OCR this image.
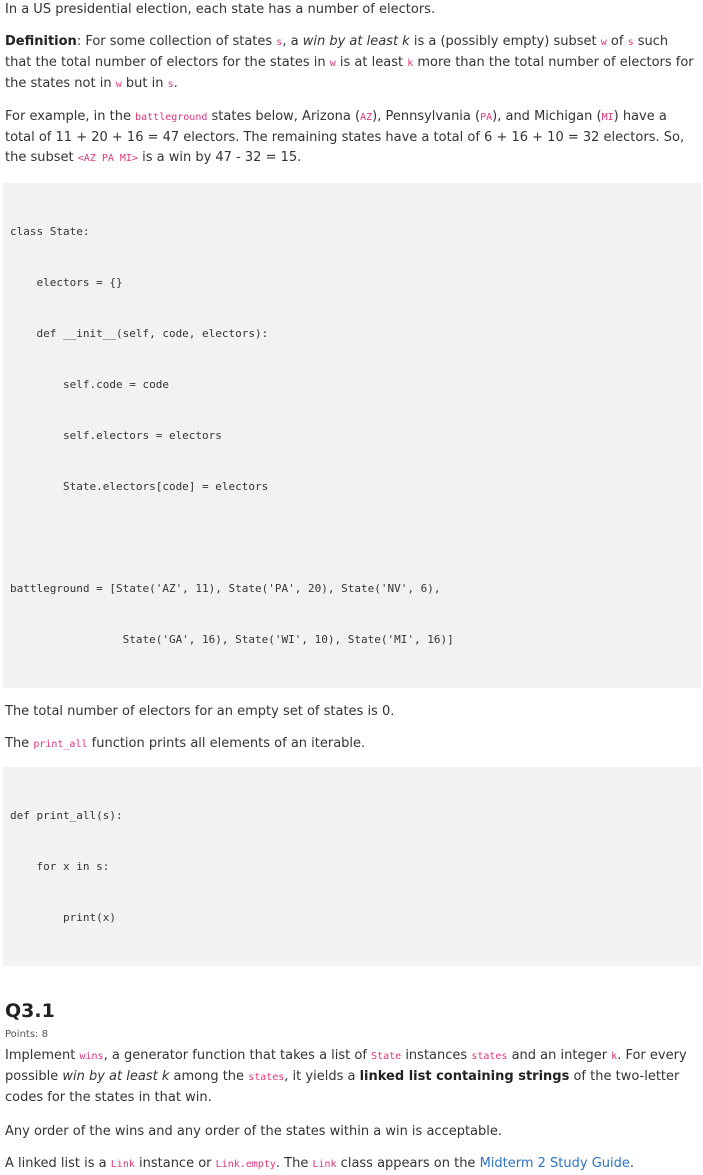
In a US presidential election, each state has a number of electors.

Definition: For some collection of states s, a win by at least k is a (possibly empty) subset w of s such that the total number of electors for the states in w is at least k more than the total number of electors for the states not in w but in s.

For example, in the battleground states below, Arizona (AZ), Pennsylvania (PA), and Michigan (MI) have a total of 11 + 20 + 16 = 47 electors. The remaining states have a total of 6 + 16 + 10 = 32 electors. So, the subset <AZ PA MI> is a win by 47 - 32 = 15.

class State:

electors = {}

def __init__(self, code, electors):

self.code = code

self.electors = electors

State.electors[code] = electors

battleground = [State('AZ', 11), State('PA', 20), State('NV', 6),

State('GA', 16), State('WI', 10), State('MI', 16)]

The total number of electors for an empty set of states is 0.

The print_all function prints all elements of an iterable.

def print_all(s):

for x in s:

print(x)

Q3.1
Points: 8

Implement wins, a generator function that takes a list of State instances states and an integer k. For every possible win by at least k among the states, it yields a linked list containing strings of the two-letter codes for the states in that win.

Any order of the wins and any order of the states within a win is acceptable.

A linked list is a Link instance or Link.empty. The Link class appears on the Midterm 2 Study Guide.
